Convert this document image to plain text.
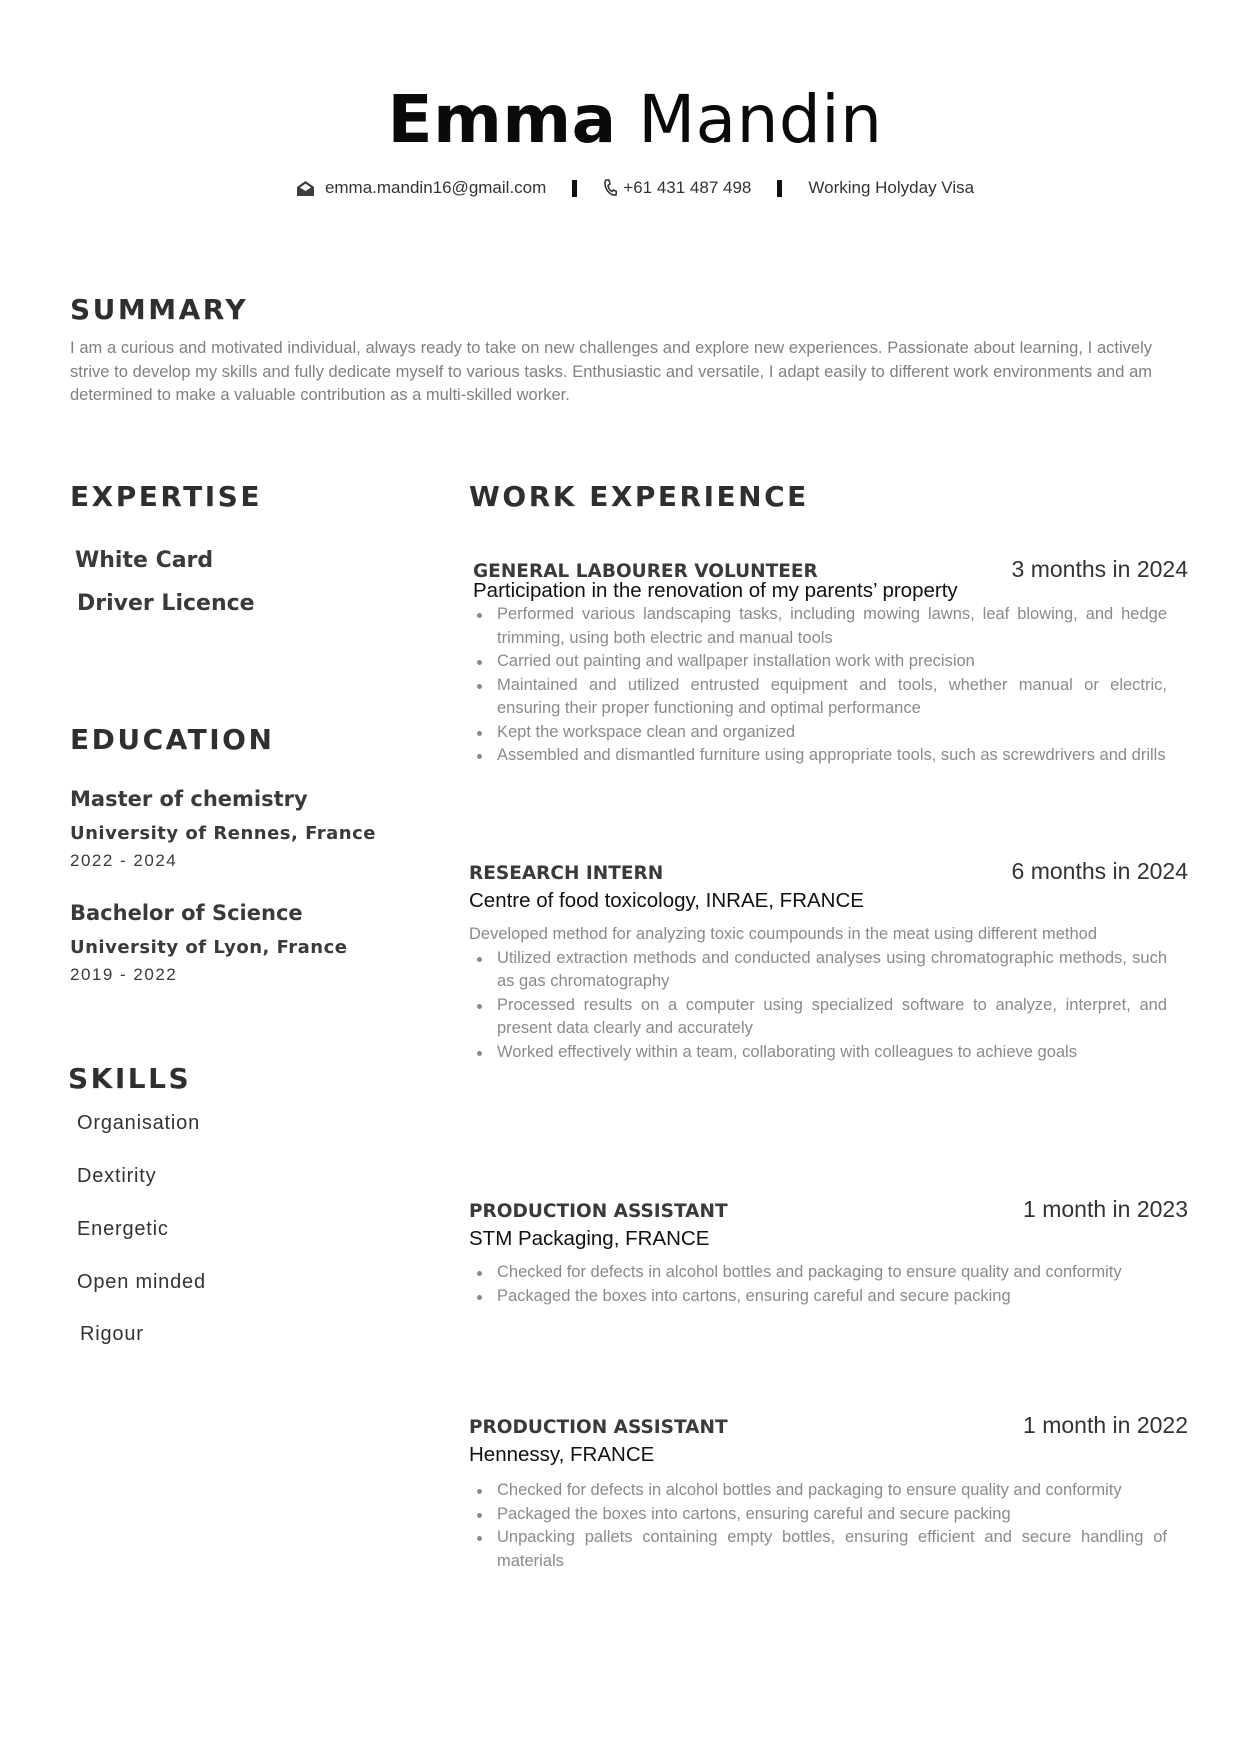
Emma Mandin
emma.mandin16@gmail.com	+61 431 487 498	Working Holyday Visa
SUMMARY
I am a curious and motivated individual, always ready to take on new challenges and explore new experiences. Passionate about learning, I actively strive to develop my skills and fully dedicate myself to various tasks. Enthusiastic and versatile, I adapt easily to different work environments and am determined to make a valuable contribution as a multi-skilled worker.
EXPERTISE
White Card
Driver Licence
EDUCATION
Master of chemistry
University of Rennes, France
2022 - 2024
Bachelor of Science
University of Lyon, France
2019 - 2022
SKILLS
Organisation
Dextirity
Energetic
Open minded
Rigour
WORK EXPERIENCE
GENERAL LABOURER VOLUNTEER	3 months in 2024
Participation in the renovation of my parents’ property
Performed various landscaping tasks, including mowing lawns, leaf blowing, and hedge trimming, using both electric and manual tools
Carried out painting and wallpaper installation work with precision
Maintained and utilized entrusted equipment and tools, whether manual or electric, ensuring their proper functioning and optimal performance
Kept the workspace clean and organized
Assembled and dismantled furniture using appropriate tools, such as screwdrivers and drills
RESEARCH INTERN	6 months in 2024
Centre of food toxicology, INRAE, FRANCE
Developed method for analyzing toxic coumpounds in the meat using different method
Utilized extraction methods and conducted analyses using chromatographic methods, such as gas chromatography
Processed results on a computer using specialized software to analyze, interpret, and present data clearly and accurately
Worked effectively within a team, collaborating with colleagues to achieve goals
PRODUCTION ASSISTANT	1 month in 2023
STM Packaging, FRANCE
Checked for defects in alcohol bottles and packaging to ensure quality and conformity
Packaged the boxes into cartons, ensuring careful and secure packing
PRODUCTION ASSISTANT	1 month in 2022
Hennessy, FRANCE
Checked for defects in alcohol bottles and packaging to ensure quality and conformity
Packaged the boxes into cartons, ensuring careful and secure packing
Unpacking pallets containing empty bottles, ensuring efficient and secure handling of materials
